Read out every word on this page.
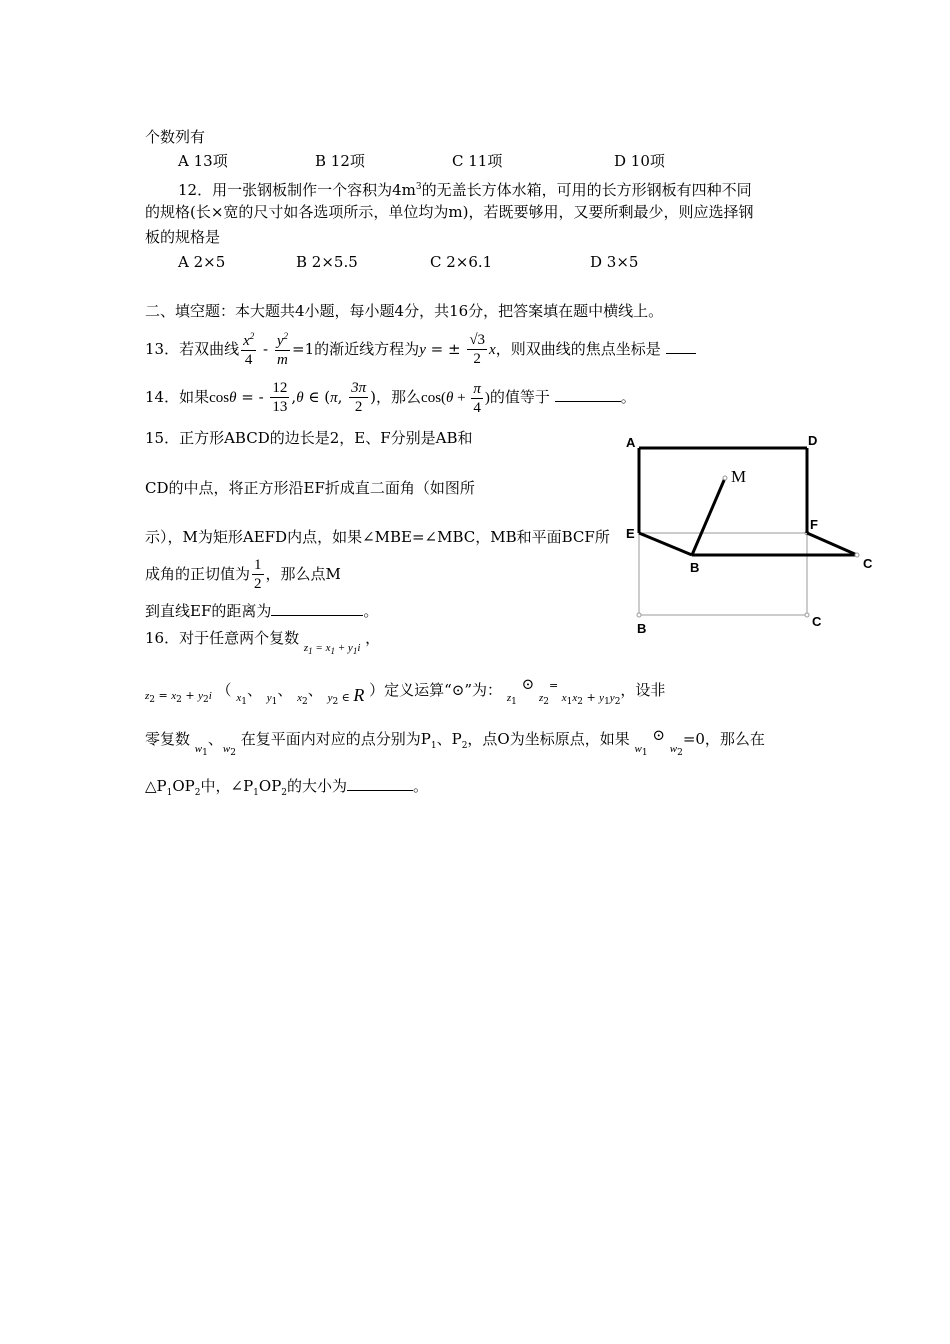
个数列有
A 13项	B 12项	C 11项	D 10项
12．用一张钢板制作一个容积为$4m^3$的无盖长方体水箱，可用的长方形钢板有四种不同
的规格(长×宽的尺寸如各选项所示，单位均为m)，若既要够用，又要所剩最少，则应选择钢
板的规格是
A 2×5	B 2×5.5	C 2×6.1	D 3×5
二、填空题：本大题共4小题，每小题4分，共16分，把答案填在题中横线上。
13．若双曲线 $\frac{x^2}{4} - \frac{y^2}{m} =1$的渐近线方程为y = ± $\frac{√3}{2}$ x，则双曲线的焦点坐标是
14．如果cosθ = - $\frac{12}{13} ,\theta$ ∈ (π, $\frac{3\pi}{2}$ )，那么$\cos(\theta + \frac{\pi}{4}$ )的值等于	。
15．正方形ABCD的边长是2，E、F分别是AB和
CD的中点，将正方形沿EF折成直二面角（如图所
示），M为矩形AEFD内点，如果∠MBE=∠MBC，MB和平面BCF所
成角的正切值为 $\frac{1}{2}$ ，那么点M
到直线EF的距离为	。
A	D
M
E
F
B	C
B	C
16．对于任意两个复数 $_{z_1 = x_1 + y_1i}$ ，
$_{z_2 = x_2 + y_2i}$ （ $_{x_1}$、 $_{y_1}$、 $_{x_2}$、 $_{y_2 \in R}$ ）定义运算“⊙”为： $_{z_1}$ ⊙ $_{z_2= x_1x_2 + y_1y_2}$，设非
零复数 $_{w_1}$、$_{w_2}$ 在复平面内对应的点分别为$P_1$、$P_2$，点O为坐标原点，如果 $_{w_1}$ ⊙ $_{w_2}$=0，那么在
$\triangle P_1OP_2$中，$\angle P_1OP_2$的大小为	。
